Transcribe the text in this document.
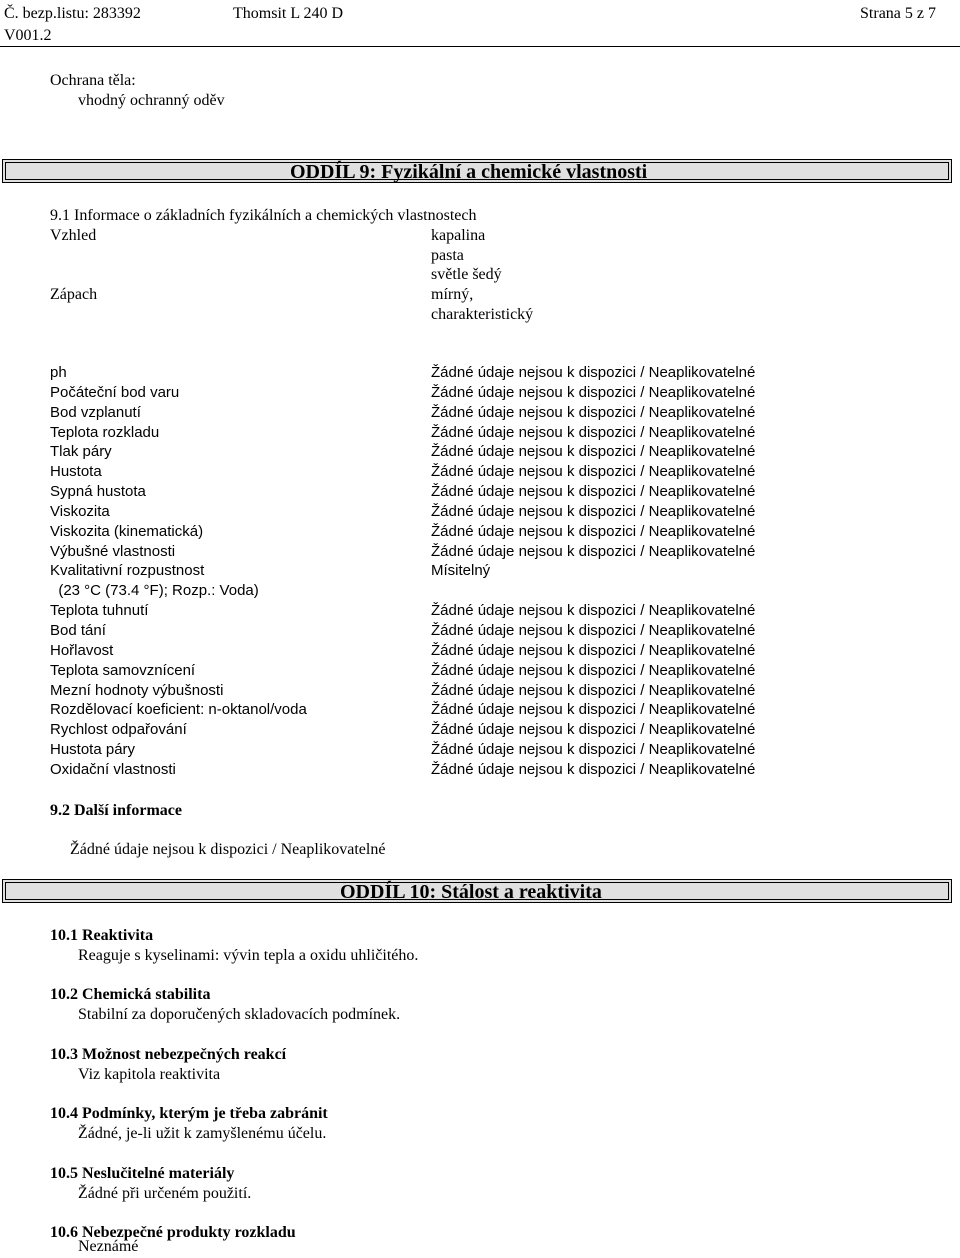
Č. bezp.listu: 283392	Thomsit L 240 D	Strana 5 z 7
V001.2
Ochrana těla:
vhodný ochranný oděv
ODDÍL 9: Fyzikální a chemické vlastnosti
9.1 Informace o základních fyzikálních a chemických vlastnostech
Vzhled	kapalina
pasta
světle šedý
Zápach	mírný,
charakteristický
ph	Žádné údaje nejsou k dispozici / Neaplikovatelné
Počáteční bod varu	Žádné údaje nejsou k dispozici / Neaplikovatelné
Bod vzplanutí	Žádné údaje nejsou k dispozici / Neaplikovatelné
Teplota rozkladu	Žádné údaje nejsou k dispozici / Neaplikovatelné
Tlak páry	Žádné údaje nejsou k dispozici / Neaplikovatelné
Hustota	Žádné údaje nejsou k dispozici / Neaplikovatelné
Sypná hustota	Žádné údaje nejsou k dispozici / Neaplikovatelné
Viskozita	Žádné údaje nejsou k dispozici / Neaplikovatelné
Viskozita (kinematická)	Žádné údaje nejsou k dispozici / Neaplikovatelné
Výbušné vlastnosti	Žádné údaje nejsou k dispozici / Neaplikovatelné
Kvalitativní rozpustnost	Mísitelný
(23 °C (73.4 °F); Rozp.: Voda)
Teplota tuhnutí	Žádné údaje nejsou k dispozici / Neaplikovatelné
Bod tání	Žádné údaje nejsou k dispozici / Neaplikovatelné
Hořlavost	Žádné údaje nejsou k dispozici / Neaplikovatelné
Teplota samovznícení	Žádné údaje nejsou k dispozici / Neaplikovatelné
Mezní hodnoty výbušnosti	Žádné údaje nejsou k dispozici / Neaplikovatelné
Rozdělovací koeficient: n-oktanol/voda	Žádné údaje nejsou k dispozici / Neaplikovatelné
Rychlost odpařování	Žádné údaje nejsou k dispozici / Neaplikovatelné
Hustota páry	Žádné údaje nejsou k dispozici / Neaplikovatelné
Oxidační vlastnosti	Žádné údaje nejsou k dispozici / Neaplikovatelné
9.2 Další informace
Žádné údaje nejsou k dispozici / Neaplikovatelné
ODDÍL 10: Stálost a reaktivita
10.1 Reaktivita
Reaguje s kyselinami: vývin tepla a oxidu uhličitého.
10.2 Chemická stabilita
Stabilní za doporučených skladovacích podmínek.
10.3 Možnost nebezpečných reakcí
Viz kapitola reaktivita
10.4 Podmínky, kterým je třeba zabránit
Žádné, je-li užit k zamyšlenému účelu.
10.5 Neslučitelné materiály
Žádné při určeném použití.
10.6 Nebezpečné produkty rozkladu
Neznámé
